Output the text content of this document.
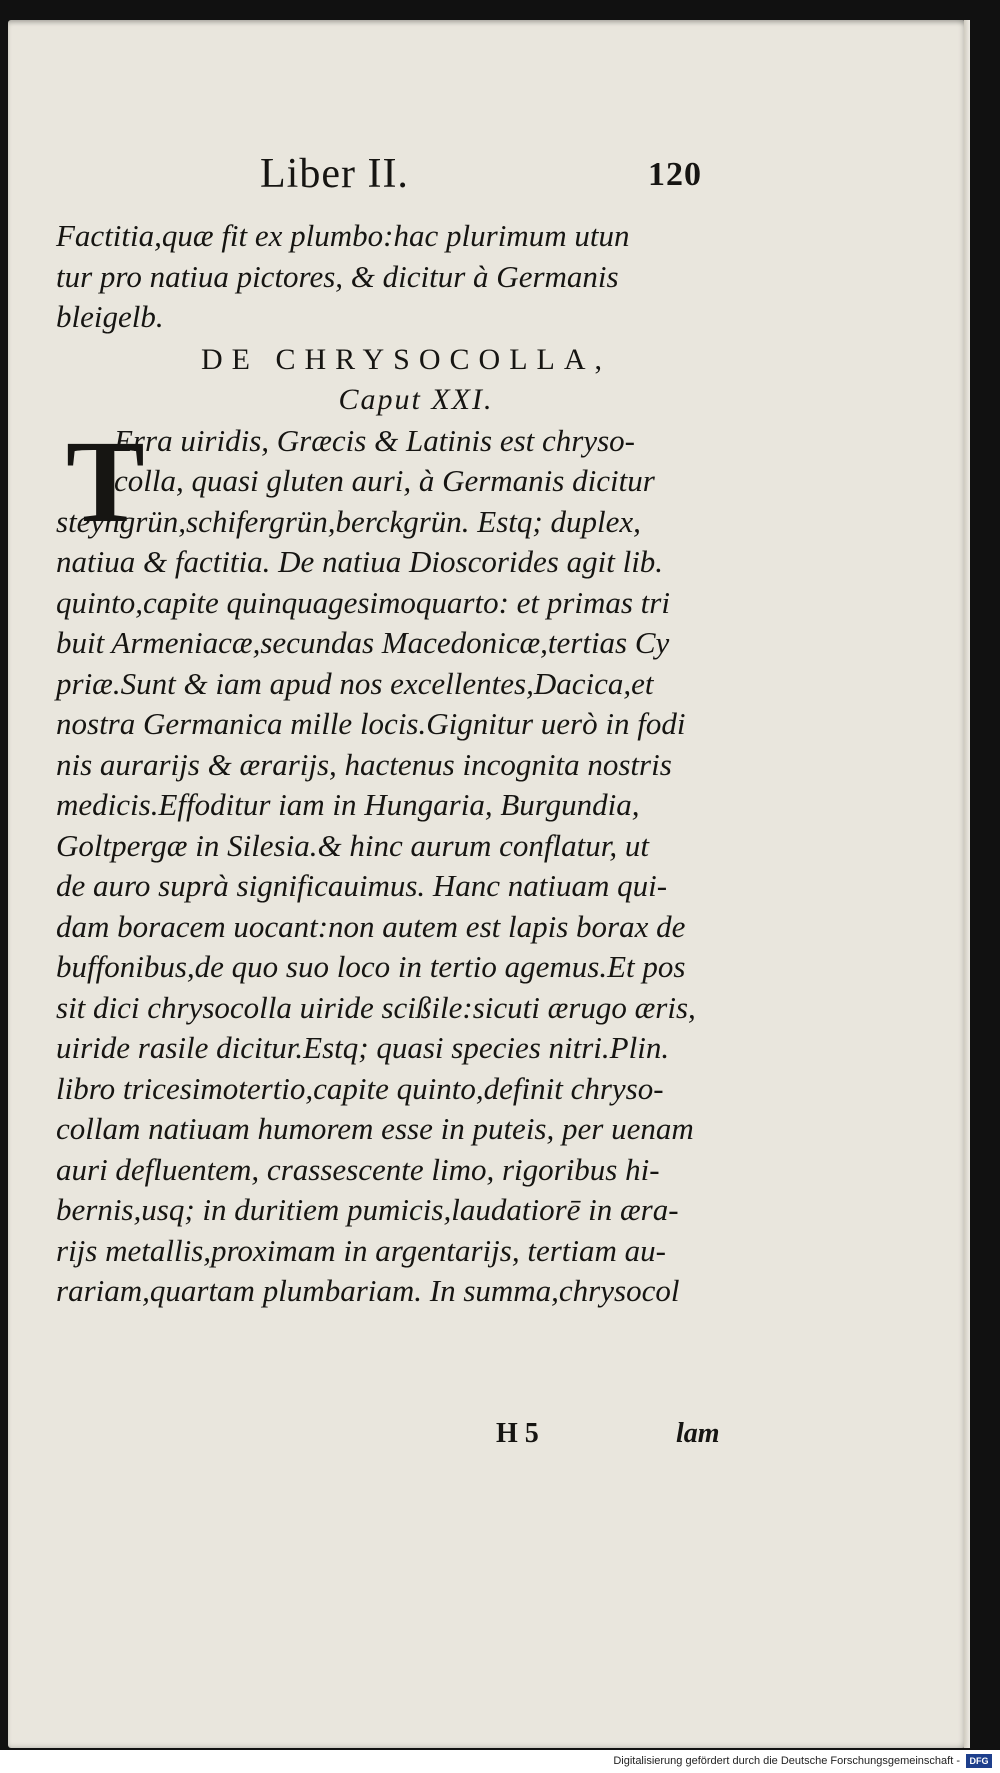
Liber II.	120
Factitia,quæ fit ex plumbo:hac plurimum utun
tur pro natiua pictores, & dicitur à Germanis
bleigelb.
DE CHRYSOCOLLA,
Caput XXI.
T
Erra uiridis, Græcis & Latinis est chryso-
colla, quasi gluten auri, à Germanis dicitur
steyngrün,schifergrün,berckgrün. Estq; duplex,
natiua & factitia. De natiua Dioscorides agit lib.
quinto,capite quinquagesimoquarto: et primas tri
buit Armeniacæ,secundas Macedonicæ,tertias Cy
priæ.Sunt & iam apud nos excellentes,Dacica,et
nostra Germanica mille locis.Gignitur uerò in fodi
nis aurarijs & ærarijs, hactenus incognita nostris
medicis.Effoditur iam in Hungaria, Burgundia,
Goltpergæ in Silesia.& hinc aurum conflatur, ut
de auro suprà significauimus. Hanc natiuam qui-
dam boracem uocant:non autem est lapis borax de
buffonibus,de quo suo loco in tertio agemus.Et pos
sit dici chrysocolla uiride scißile:sicuti ærugo æris,
uiride rasile dicitur.Estq; quasi species nitri.Plin.
libro tricesimotertio,capite quinto,definit chryso-
collam natiuam humorem esse in puteis, per uenam
auri defluentem, crassescente limo, rigoribus hi-
bernis,usq; in duritiem pumicis,laudatiorē in æra-
rijs metallis,proximam in argentarijs, tertiam au-
rariam,quartam plumbariam. In summa,chrysocol
H 5	lam
Digitalisierung gefördert durch die Deutsche Forschungsgemeinschaft -	DFG
